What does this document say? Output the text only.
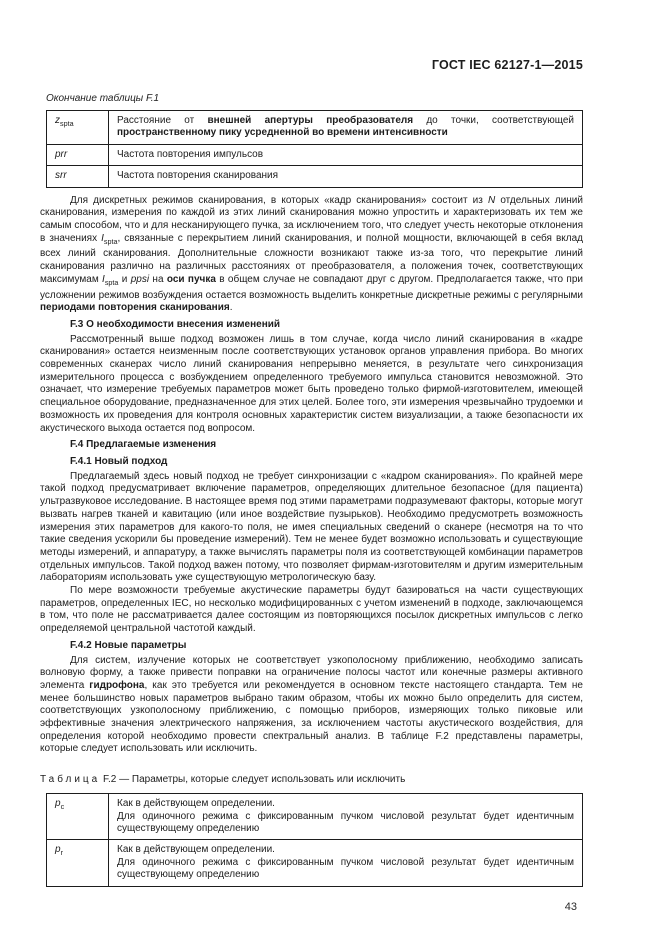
ГОСТ IEC 62127-1—2015
Окончание таблицы F.1
$z_{spta}$	Расстояние от внешней апертуры преобразователя до точки, соответствующей пространственному пику усредненной во времени интенсивности
prr	Частота повторения импульсов
srr	Частота повторения сканирования

Для дискретных режимов сканирования, в которых «кадр сканирования» состоит из N отдельных линий сканирования, измерения по каждой из этих линий сканирования можно упростить и характеризовать их тем же самым способом, что и для несканирующего пучка, за исключением того, что следует учесть некоторые отклонения в значениях $I_{spta}$, связанные с перекрытием линий сканирования, и полной мощности, включающей в себя вклад всех линий сканирования. Дополнительные сложности возникают также из-за того, что перекрытие линий сканирования различно на различных расстояниях от преобразователя, а положения точек, соответствующих максимумам $I_{spta}$ и ppsi на оси пучка в общем случае не совпадают друг с другом. Предполагается также, что при усложнении режимов возбуждения остается возможность выделить конкретные дискретные режимы с регулярными периодами повторения сканирования.

F.3 О необходимости внесения изменений

Рассмотренный выше подход возможен лишь в том случае, когда число линий сканирования в «кадре сканирования» остается неизменным после соответствующих установок органов управления прибора. Во многих современных сканерах число линий сканирования непрерывно меняется, в результате чего синхронизация измерительного процесса с возбуждением определенного требуемого импульса становится невозможной. Это означает, что измерение требуемых параметров может быть проведено только фирмой-изготовителем, имеющей специальное оборудование, предназначенное для этих целей. Более того, эти измерения чрезвычайно трудоемки и возможность их проведения для контроля основных характеристик систем визуализации, а также безопасности их акустического выхода остается под вопросом.

F.4 Предлагаемые изменения

F.4.1 Новый подход

Предлагаемый здесь новый подход не требует синхронизации с «кадром сканирования». По крайней мере такой подход предусматривает включение параметров, определяющих длительное безопасное (для пациента) ультразвуковое исследование. В настоящее время под этими параметрами подразумевают факторы, которые могут вызвать нагрев тканей и кавитацию (или иное воздействие пузырьков). Необходимо предусмотреть возможность измерения этих параметров для какого-то поля, не имея специальных сведений о сканере (несмотря на то что такие сведения ускорили бы проведение измерений). Тем не менее будет возможно использовать и существующие методы измерений, и аппаратуру, а также вычислять параметры поля из соответствующей комбинации параметров отдельных импульсов. Такой подход важен потому, что позволяет фирмам-изготовителям и другим измерительным лабораториям использовать уже существующую метрологическую базу.

По мере возможности требуемые акустические параметры будут базироваться на части существующих параметров, определенных IEC, но несколько модифицированных с учетом изменений в подходе, заключающемся в том, что поле не рассматривается далее состоящим из повторяющихся посылок дискретных импульсов с легко определяемой центральной частотой каждый.

F.4.2 Новые параметры

Для систем, излучение которых не соответствует узкополосному приближению, необходимо записать волновую форму, а также привести поправки на ограничение полосы частот или конечные размеры активного элемента гидрофона, как это требуется или рекомендуется в основном тексте настоящего стандарта. Тем не менее большинство новых параметров выбрано таким образом, чтобы их можно было определить для систем, соответствующих узкополосному приближению, с помощью приборов, измеряющих только пиковые или эффективные значения электрического напряжения, за исключением частоты акустического воздействия, для определения которой необходимо провести спектральный анализ. В таблице F.2 представлены параметры, которые следует использовать или исключить.

Таблица F.2 — Параметры, которые следует использовать или исключить
$p_c$	Как в действующем определении.
Для одиночного режима с фиксированным пучком числовой результат будет идентичным существующему определению

$p_r$	Как в действующем определении.
Для одиночного режима с фиксированным пучком числовой результат будет идентичным существующему определению
43
